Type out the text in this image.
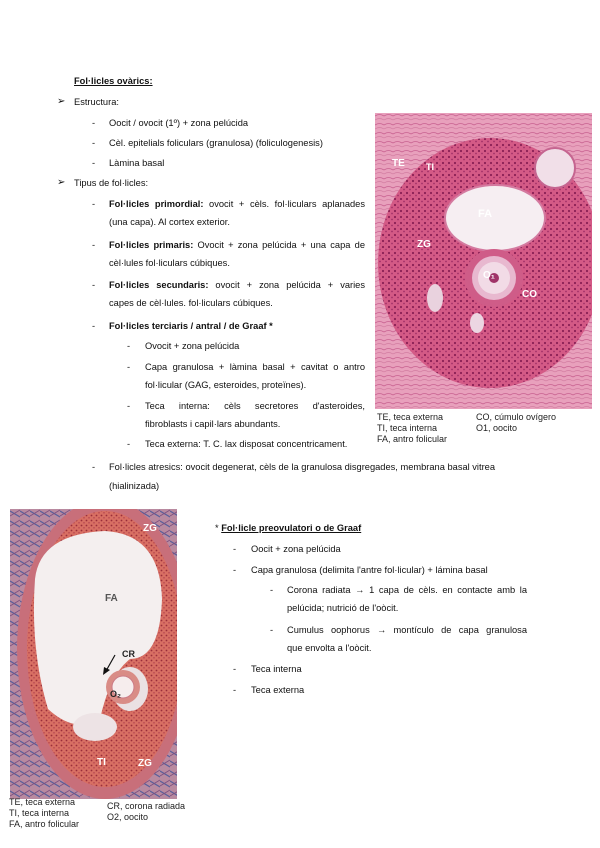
Fol·licles ovàrics:
➢ Estructura:
- Oocit / ovocit (1º) + zona pelúcida
- Cèl. epitelials foliculars (granulosa) (foliculogenesis)
- Làmina basal
➢ Tipus de fol·licles:
- Fol·licles primordial: ovocit + cèls. fol·liculars aplanades
(una capa). Al cortex exterior.
- Fol·licles primaris: Ovocit + zona pelúcida + una capa de
cèl·lules fol·liculars cúbiques.
- Fol·licles secundaris: ovocit + zona pelúcida + varies
capes de cèl·lules. fol·liculars cúbiques.
- Fol·licles terciaris / antral / de Graaf *
- Ovocit + zona pelúcida
- Capa granulosa + làmina basal + cavitat o antro
fol·licular (GAG, esteroides, proteïnes).
- Teca interna: cèls secretores d'asteroides,
fibroblasts i capil·lars abundants.
- Teca externa: T. C. lax disposat concentricament.
- Fol·licles atresics: ovocit degenerat, cèls de la granulosa disgregades, membrana basal vitrea
(hialinizada)
TE TI
FA
ZG
O₁
CO
TE, teca externa
TI, teca interna
FA, antro folicular
CO, cúmulo ovígero
O1, oocito
ZG
FA
CR
O₂
TI	ZG
TE, teca externa
TI, teca interna
FA, antro folicular
CR, corona radiada
O2, oocito
* Fol·licle preovulatori o de Graaf
- Oocit + zona pelúcida
- Capa granulosa (delimita l'antre fol·licular) + lámina basal
- Corona radiata → 1 capa de cèls. en contacte amb la
pelúcida; nutrició de l'oòcit.
- Cumulus oophorus → montículo de capa granulosa
que envolta a l'oòcit.
- Teca interna
- Teca externa
